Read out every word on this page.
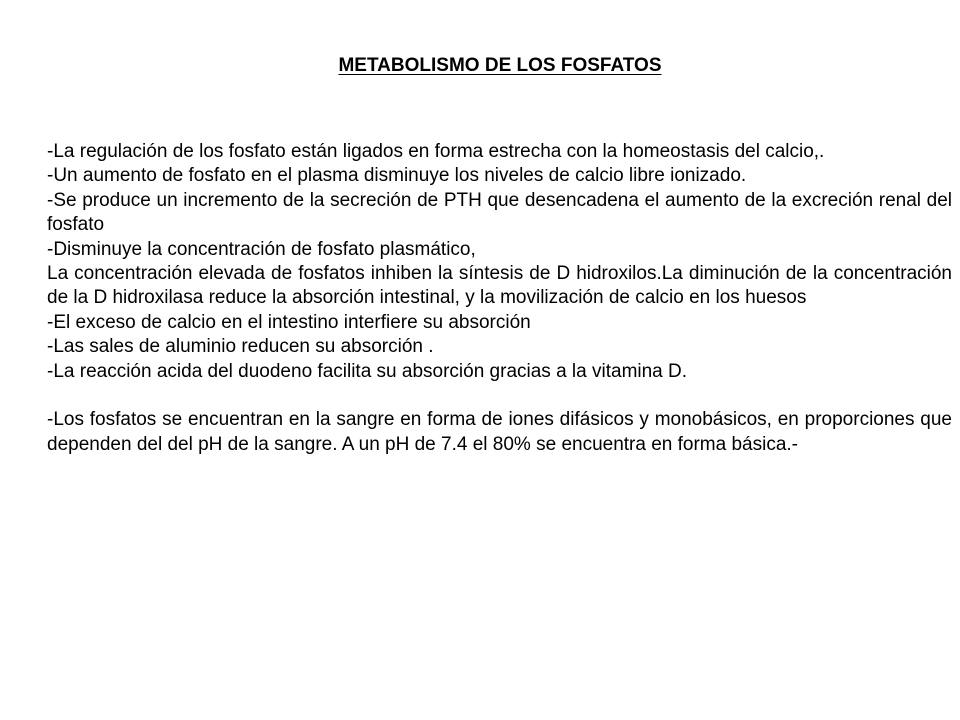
METABOLISMO DE LOS FOSFATOS

-La regulación de los fosfato están ligados en forma estrecha con la homeostasis del calcio,.

-Un aumento de fosfato en el plasma disminuye los niveles de calcio libre ionizado.

-Se produce un incremento de la secreción de PTH que desencadena el aumento de la excreción renal del fosfato

-Disminuye la concentración de fosfato plasmático,

La concentración elevada de fosfatos inhiben la síntesis de D hidroxilos.La diminución de la concentración de la D hidroxilasa reduce la absorción intestinal, y la movilización de calcio en los huesos

-El exceso de calcio en el intestino interfiere su absorción

-Las sales de aluminio reducen su absorción .

-La reacción acida del duodeno facilita su absorción gracias a la vitamina D.

-Los fosfatos se encuentran en la sangre en forma de iones difásicos y monobásicos, en proporciones que dependen del del pH de la sangre. A un pH de 7.4 el 80% se encuentra en forma básica.-
